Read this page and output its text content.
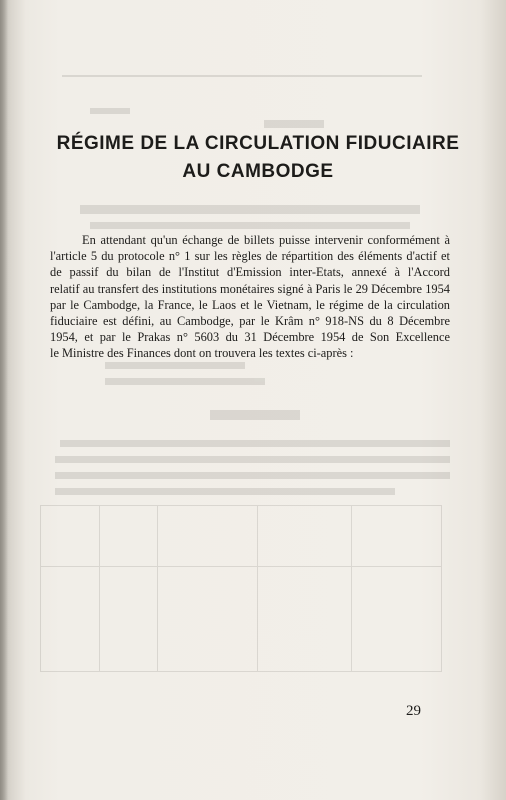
RÉGIME DE LA CIRCULATION FIDUCIAIRE
AU CAMBODGE
En attendant qu'un échange de billets puisse intervenir conformément à
l'article 5 du protocole n° 1 sur les règles de répartition des éléments d'actif et
de passif du bilan de l'Institut d'Emission inter-Etats, annexé à l'Accord
relatif au transfert des institutions monétaires signé à Paris le 29 Décembre 1954
par le Cambodge, la France, le Laos et le Vietnam, le régime de la circulation
fiduciaire est défini, au Cambodge, par le Krâm n° 918-NS du 8 Décembre
1954, et par le Prakas n° 5603 du 31 Décembre 1954 de Son Excellence
le Ministre des Finances dont on trouvera les textes ci-après :
29
